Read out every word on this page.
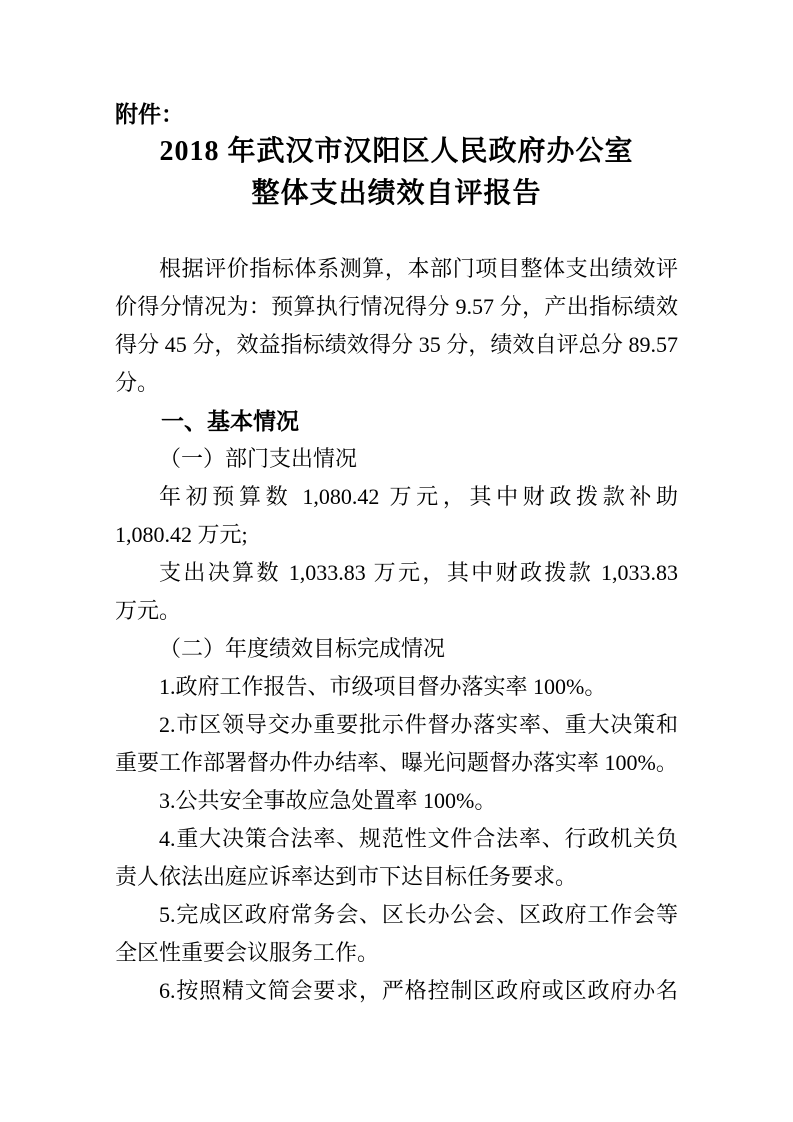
附件：
2018 年武汉市汉阳区人民政府办公室
整体支出绩效自评报告
根据评价指标体系测算，本部门项目整体支出绩效评
价得分情况为：预算执行情况得分 9.57 分，产出指标绩效
得分 45 分，效益指标绩效得分 35 分，绩效自评总分 89.57
分。
一、基本情况
（一）部门支出情况
年初预算数 1,080.42 万元，其中财政拨款补助
1,080.42 万元;
支出决算数 1,033.83 万元，其中财政拨款 1,033.83
万元。
（二）年度绩效目标完成情况
1.政府工作报告、市级项目督办落实率 100%。
2.市区领导交办重要批示件督办落实率、重大决策和
重要工作部署督办件办结率、曝光问题督办落实率 100%。
3.公共安全事故应急处置率 100%。
4.重大决策合法率、规范性文件合法率、行政机关负
责人依法出庭应诉率达到市下达目标任务要求。
5.完成区政府常务会、区长办公会、区政府工作会等
全区性重要会议服务工作。
6.按照精文简会要求，严格控制区政府或区政府办名
